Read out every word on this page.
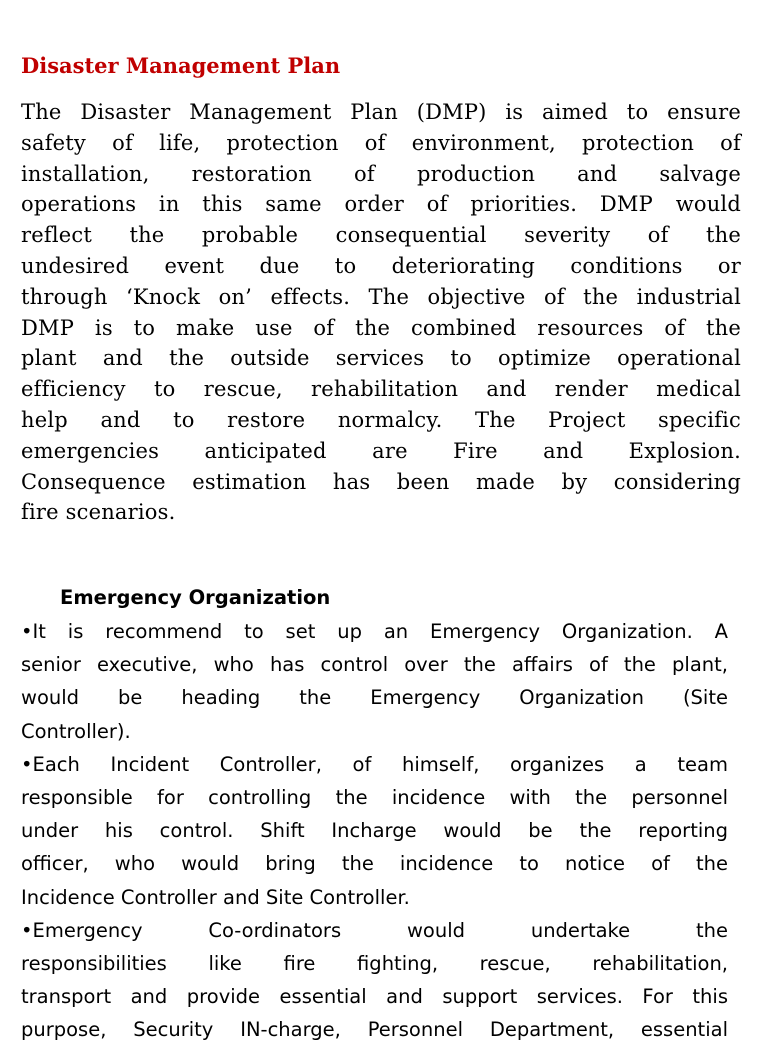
Disaster Management Plan

The Disaster Management Plan (DMP) is aimed to ensure
safety of life, protection of environment, protection of
installation, restoration of production and salvage
operations in this same order of priorities. DMP would
reflect the probable consequential severity of the
undesired event due to deteriorating conditions or
through ‘Knock on’ effects. The objective of the industrial
DMP is to make use of the combined resources of the
plant and the outside services to optimize operational
efficiency to rescue, rehabilitation and render medical
help and to restore normalcy. The Project specific
emergencies anticipated are Fire and Explosion.
Consequence estimation has been made by considering
fire scenarios.

Emergency Organization

•It is recommend to set up an Emergency Organization. A
senior executive, who has control over the affairs of the plant,
would be heading the Emergency Organization (Site
Controller).
•Each Incident Controller, of himself, organizes a team
responsible for controlling the incidence with the personnel
under his control. Shift Incharge would be the reporting
officer, who would bring the incidence to notice of the
Incidence Controller and Site Controller.
•Emergency Co-ordinators would undertake the
responsibilities like fire fighting, rescue, rehabilitation,
transport and provide essential and support services. For this
purpose, Security IN-charge, Personnel Department, essential
